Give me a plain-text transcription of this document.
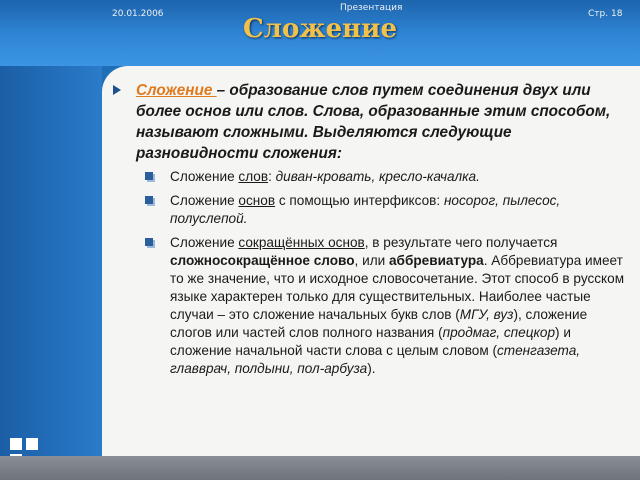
Сложение
Сложение – образование слов путем соединения двух или более основ или слов. Слова, образованные этим способом, называют сложными. Выделяются следующие разновидности сложения:
Сложение слов: диван-кровать, кресло-качалка.
Сложение основ с помощью интерфиксов: носорог, пылесос, полуслепой.
Сложение сокращённых основ, в результате чего получается сложносокращённое слово, или аббревиатура. Аббревиатура имеет то же значение, что и исходное словосочетание. Этот способ в русском языке характерен только для существительных. Наиболее частые случаи – это сложение начальных букв слов (МГУ, вуз), сложение слогов или частей слов полного названия (продмаг, спецкор) и сложение начальной части слова с целым словом (стенгазета, главврач, полдыни, пол-арбуза).
20.01.2006
Презентация
Стр. 18
